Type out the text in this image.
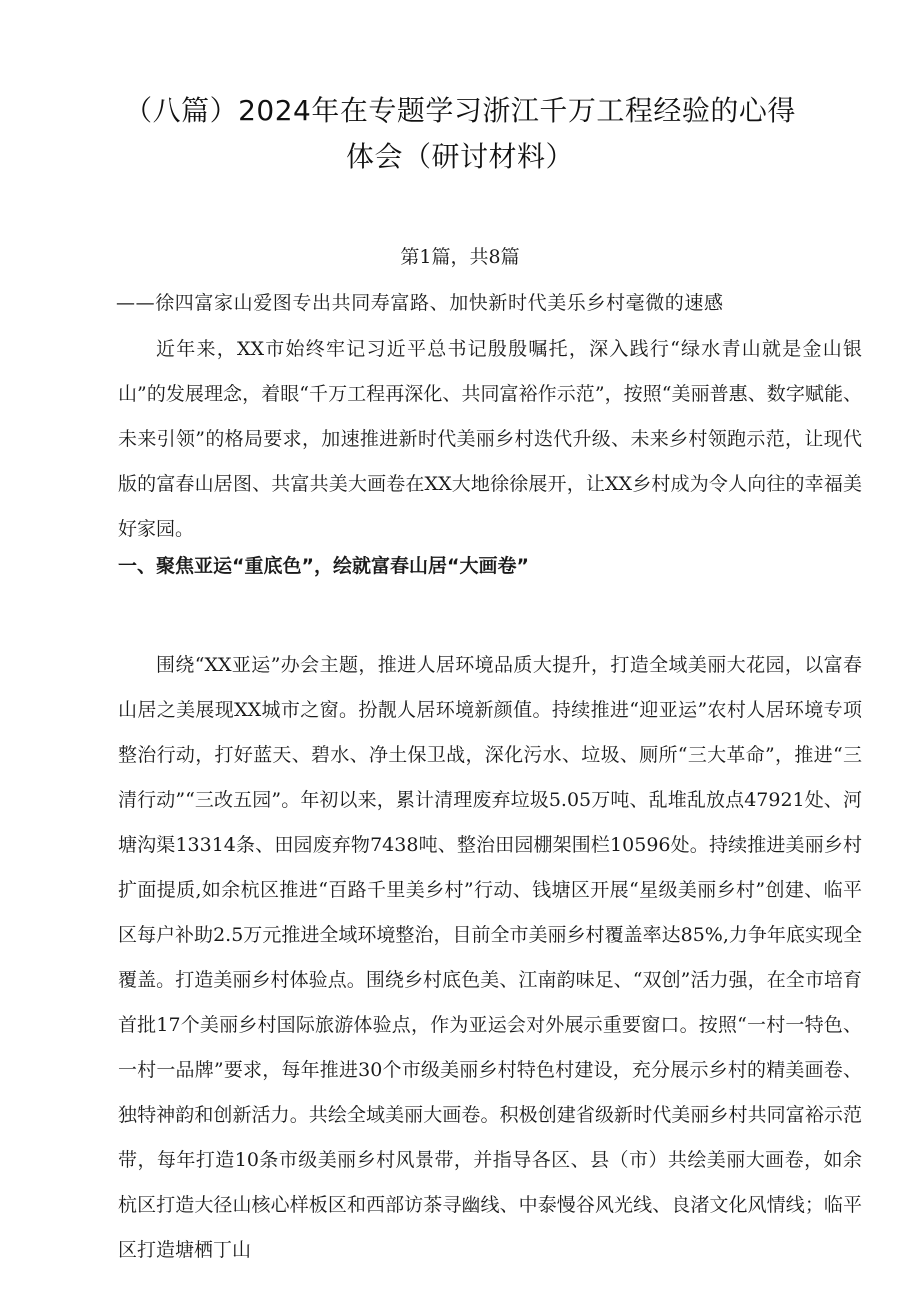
（八篇）2024年在专题学习浙江千万工程经验的心得
体会（研讨材料）
第1篇，共8篇
——徐四富家山爱图专出共同寿富路、加快新时代美乐乡村毫微的速感

近年来，XX市始终牢记习近平总书记殷殷嘱托，深入践行“绿水青山就是金山银山”的发展理念，着眼“千万工程再深化、共同富裕作示范”，按照“美丽普惠、数字赋能、未来引领”的格局要求，加速推进新时代美丽乡村迭代升级、未来乡村领跑示范，让现代版的富春山居图、共富共美大画卷在XX大地徐徐展开，让XX乡村成为令人向往的幸福美好家园。

一、聚焦亚运“重底色”，绘就富春山居“大画卷”

围绕“XX亚运”办会主题，推进人居环境品质大提升，打造全域美丽大花园，以富春山居之美展现XX城市之窗。扮靓人居环境新颜值。持续推进“迎亚运”农村人居环境专项整治行动，打好蓝天、碧水、净土保卫战，深化污水、垃圾、厕所“三大革命”，推进“三清行动”“三改五园”。年初以来，累计清理废弃垃圾5.05万吨、乱堆乱放点47921处、河塘沟渠13314条、田园废弃物7438吨、整治田园棚架围栏10596处。持续推进美丽乡村扩面提质,如余杭区推进“百路千里美乡村”行动、钱塘区开展“星级美丽乡村”创建、临平区每户补助2.5万元推进全域环境整治，目前全市美丽乡村覆盖率达85%,力争年底实现全覆盖。打造美丽乡村体验点。围绕乡村底色美、江南韵味足、“双创”活力强，在全市培育首批17个美丽乡村国际旅游体验点，作为亚运会对外展示重要窗口。按照“一村一特色、一村一品牌”要求，每年推进30个市级美丽乡村特色村建设，充分展示乡村的精美画卷、独特神韵和创新活力。共绘全域美丽大画卷。积极创建省级新时代美丽乡村共同富裕示范带，每年打造10条市级美丽乡村风景带，并指导各区、县（市）共绘美丽大画卷，如余杭区打造大径山核心样板区和西部访茶寻幽线、中泰慢谷风光线、良渚文化风情线；临平区打造塘栖丁山
